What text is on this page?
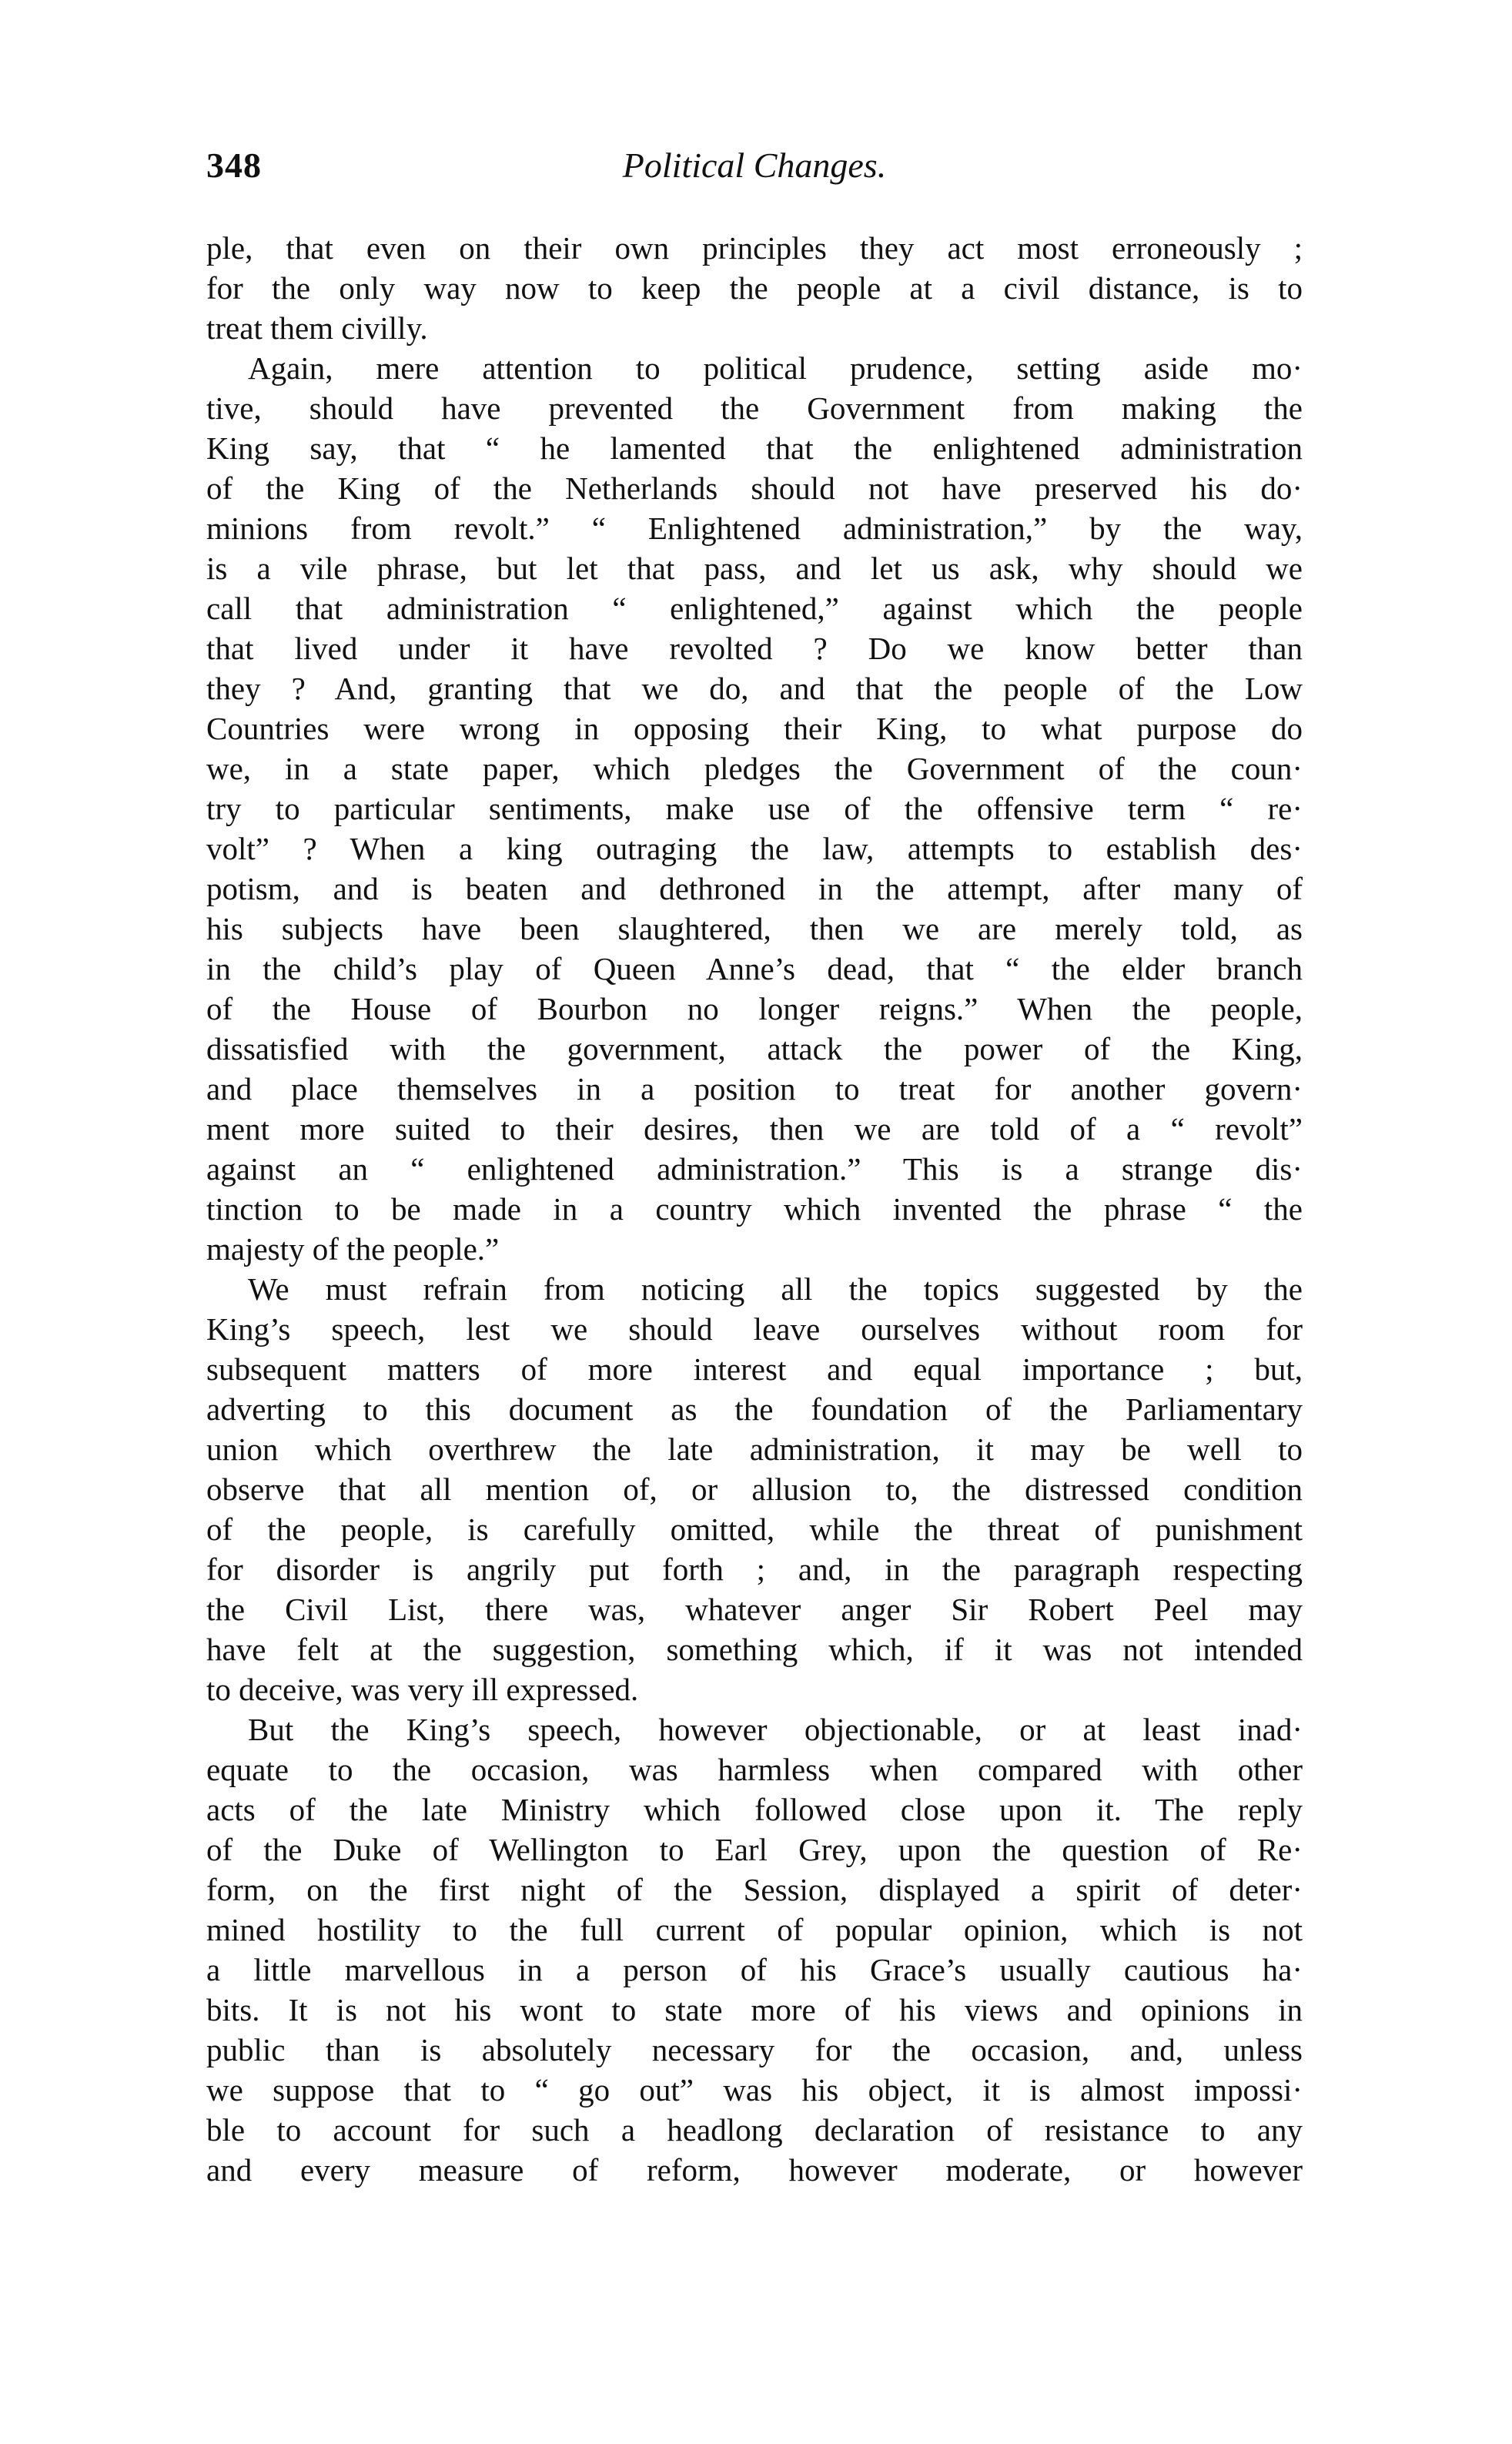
348	Political Changes.
ple, that even on their own principles they act most erroneously ;
for the only way now to keep the people at a civil distance, is to
treat them civilly.
Again, mere attention to political prudence, setting aside mo·
tive, should have prevented the Government from making the
King say, that “ he lamented that the enlightened administration
of the King of the Netherlands should not have preserved his do·
minions from revolt.” “ Enlightened administration,” by the way,
is a vile phrase, but let that pass, and let us ask, why should we
call that administration “ enlightened,” against which the people
that lived under it have revolted ? Do we know better than
they ? And, granting that we do, and that the people of the Low
Countries were wrong in opposing their King, to what purpose do
we, in a state paper, which pledges the Government of the coun·
try to particular sentiments, make use of the offensive term “ re·
volt” ? When a king outraging the law, attempts to establish des·
potism, and is beaten and dethroned in the attempt, after many of
his subjects have been slaughtered, then we are merely told, as
in the child’s play of Queen Anne’s dead, that “ the elder branch
of the House of Bourbon no longer reigns.” When the people,
dissatisfied with the government, attack the power of the King,
and place themselves in a position to treat for another govern·
ment more suited to their desires, then we are told of a “ revolt”
against an “ enlightened administration.” This is a strange dis·
tinction to be made in a country which invented the phrase “ the
majesty of the people.”
We must refrain from noticing all the topics suggested by the
King’s speech, lest we should leave ourselves without room for
subsequent matters of more interest and equal importance ; but,
adverting to this document as the foundation of the Parliamentary
union which overthrew the late administration, it may be well to
observe that all mention of, or allusion to, the distressed condition
of the people, is carefully omitted, while the threat of punishment
for disorder is angrily put forth ; and, in the paragraph respecting
the Civil List, there was, whatever anger Sir Robert Peel may
have felt at the suggestion, something which, if it was not intended
to deceive, was very ill expressed.
But the King’s speech, however objectionable, or at least inad·
equate to the occasion, was harmless when compared with other
acts of the late Ministry which followed close upon it. The reply
of the Duke of Wellington to Earl Grey, upon the question of Re·
form, on the first night of the Session, displayed a spirit of deter·
mined hostility to the full current of popular opinion, which is not
a little marvellous in a person of his Grace’s usually cautious ha·
bits. It is not his wont to state more of his views and opinions in
public than is absolutely necessary for the occasion, and, unless
we suppose that to “ go out” was his object, it is almost impossi·
ble to account for such a headlong declaration of resistance to any
and every measure of reform, however moderate, or however
